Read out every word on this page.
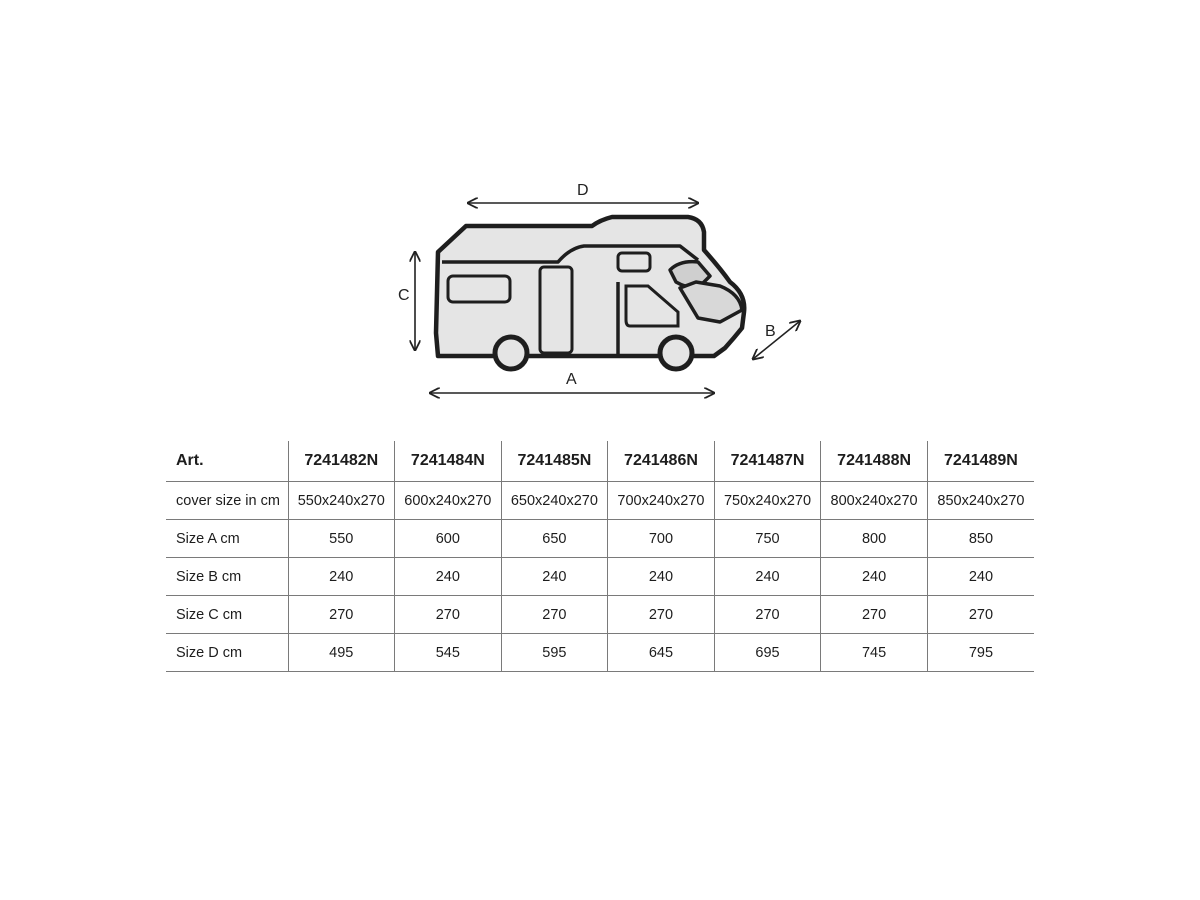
D
C
A
B
Art.	7241482N	7241484N	7241485N	7241486N	7241487N	7241488N	7241489N
cover size in cm	550x240x270	600x240x270	650x240x270	700x240x270	750x240x270	800x240x270	850x240x270
Size A cm	550	600	650	700	750	800	850
Size B cm	240	240	240	240	240	240	240
Size C cm	270	270	270	270	270	270	270
Size D cm	495	545	595	645	695	745	795
